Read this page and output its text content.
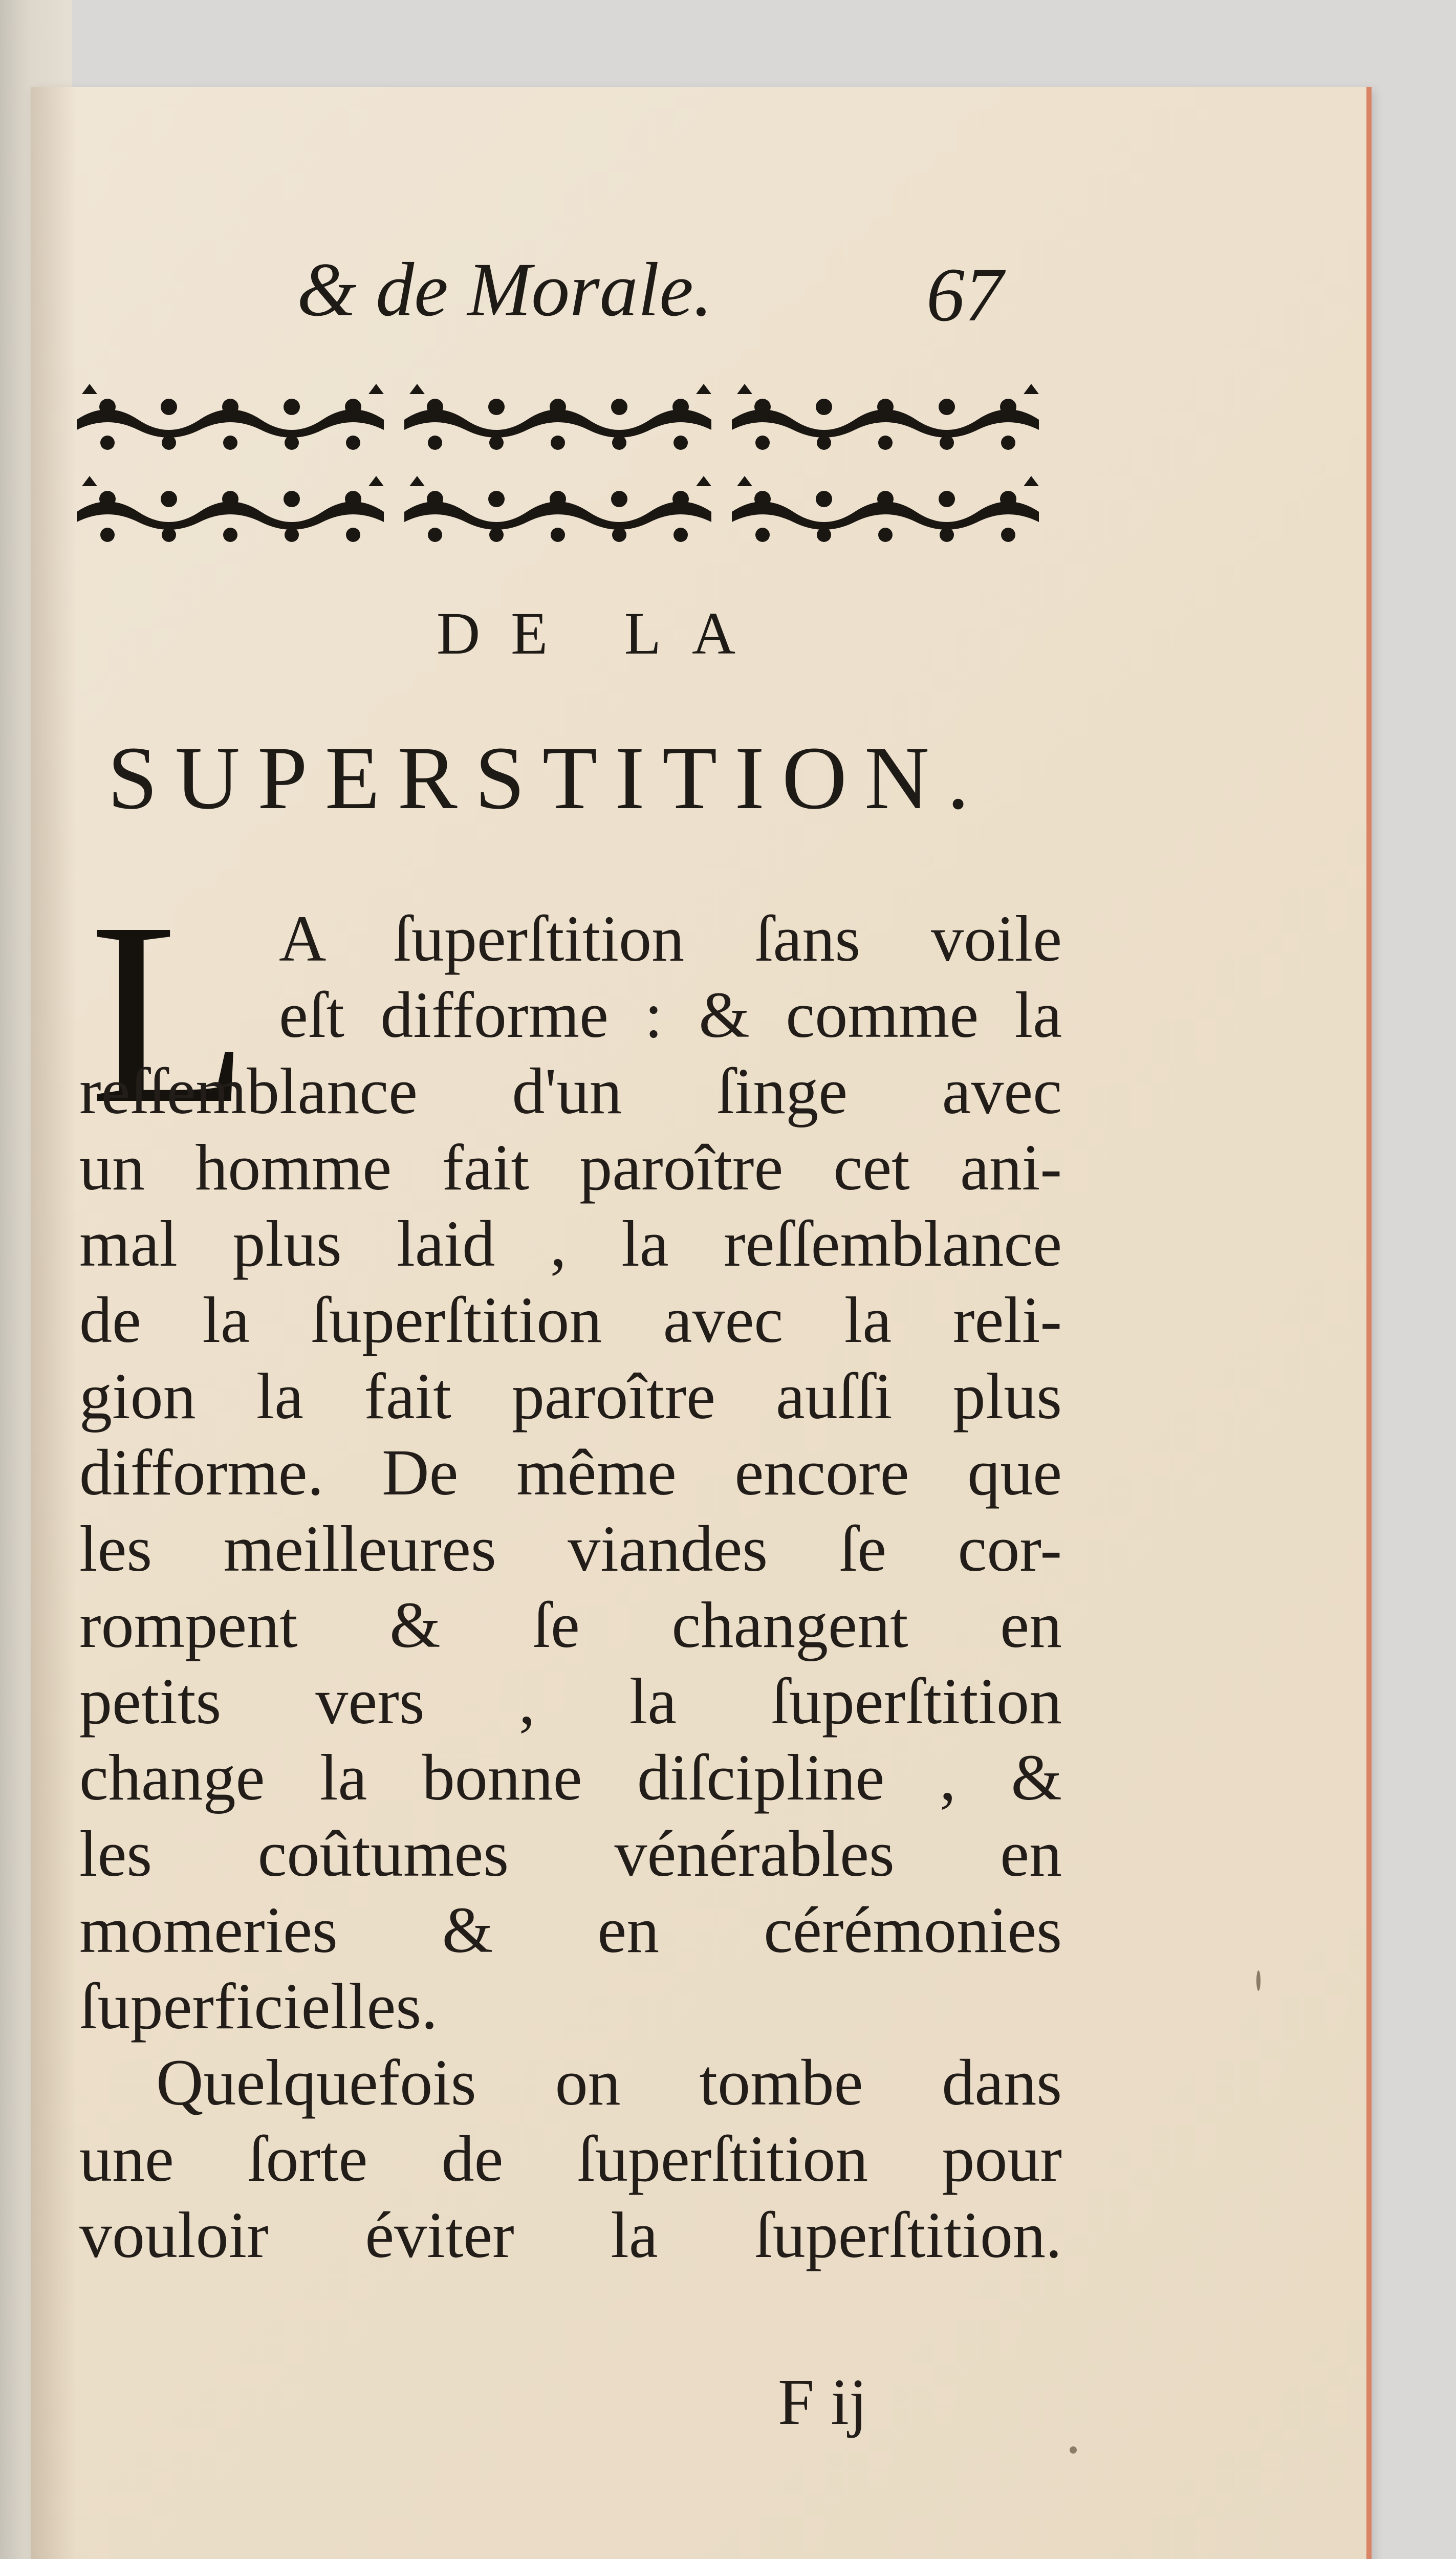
& de Morale.	67
DE LA
SUPERSTITION.
L A ſuperſtition ſans voile
eſt difforme : & comme la
reſſemblance d'un ſinge avec
un homme fait paroître cet ani-
mal plus laid , la reſſemblance
de la ſuperſtition avec la reli-
gion la fait paroître auſſi plus
difforme. De même encore que
les meilleures viandes ſe cor-
rompent & ſe changent en
petits vers , la ſuperſtition
change la bonne diſcipline , &
les coûtumes vénérables en
momeries & en cérémonies
ſuperficielles.
Quelquefois on tombe dans
une ſorte de ſuperſtition pour
vouloir éviter la ſuperſtition.
F ij
